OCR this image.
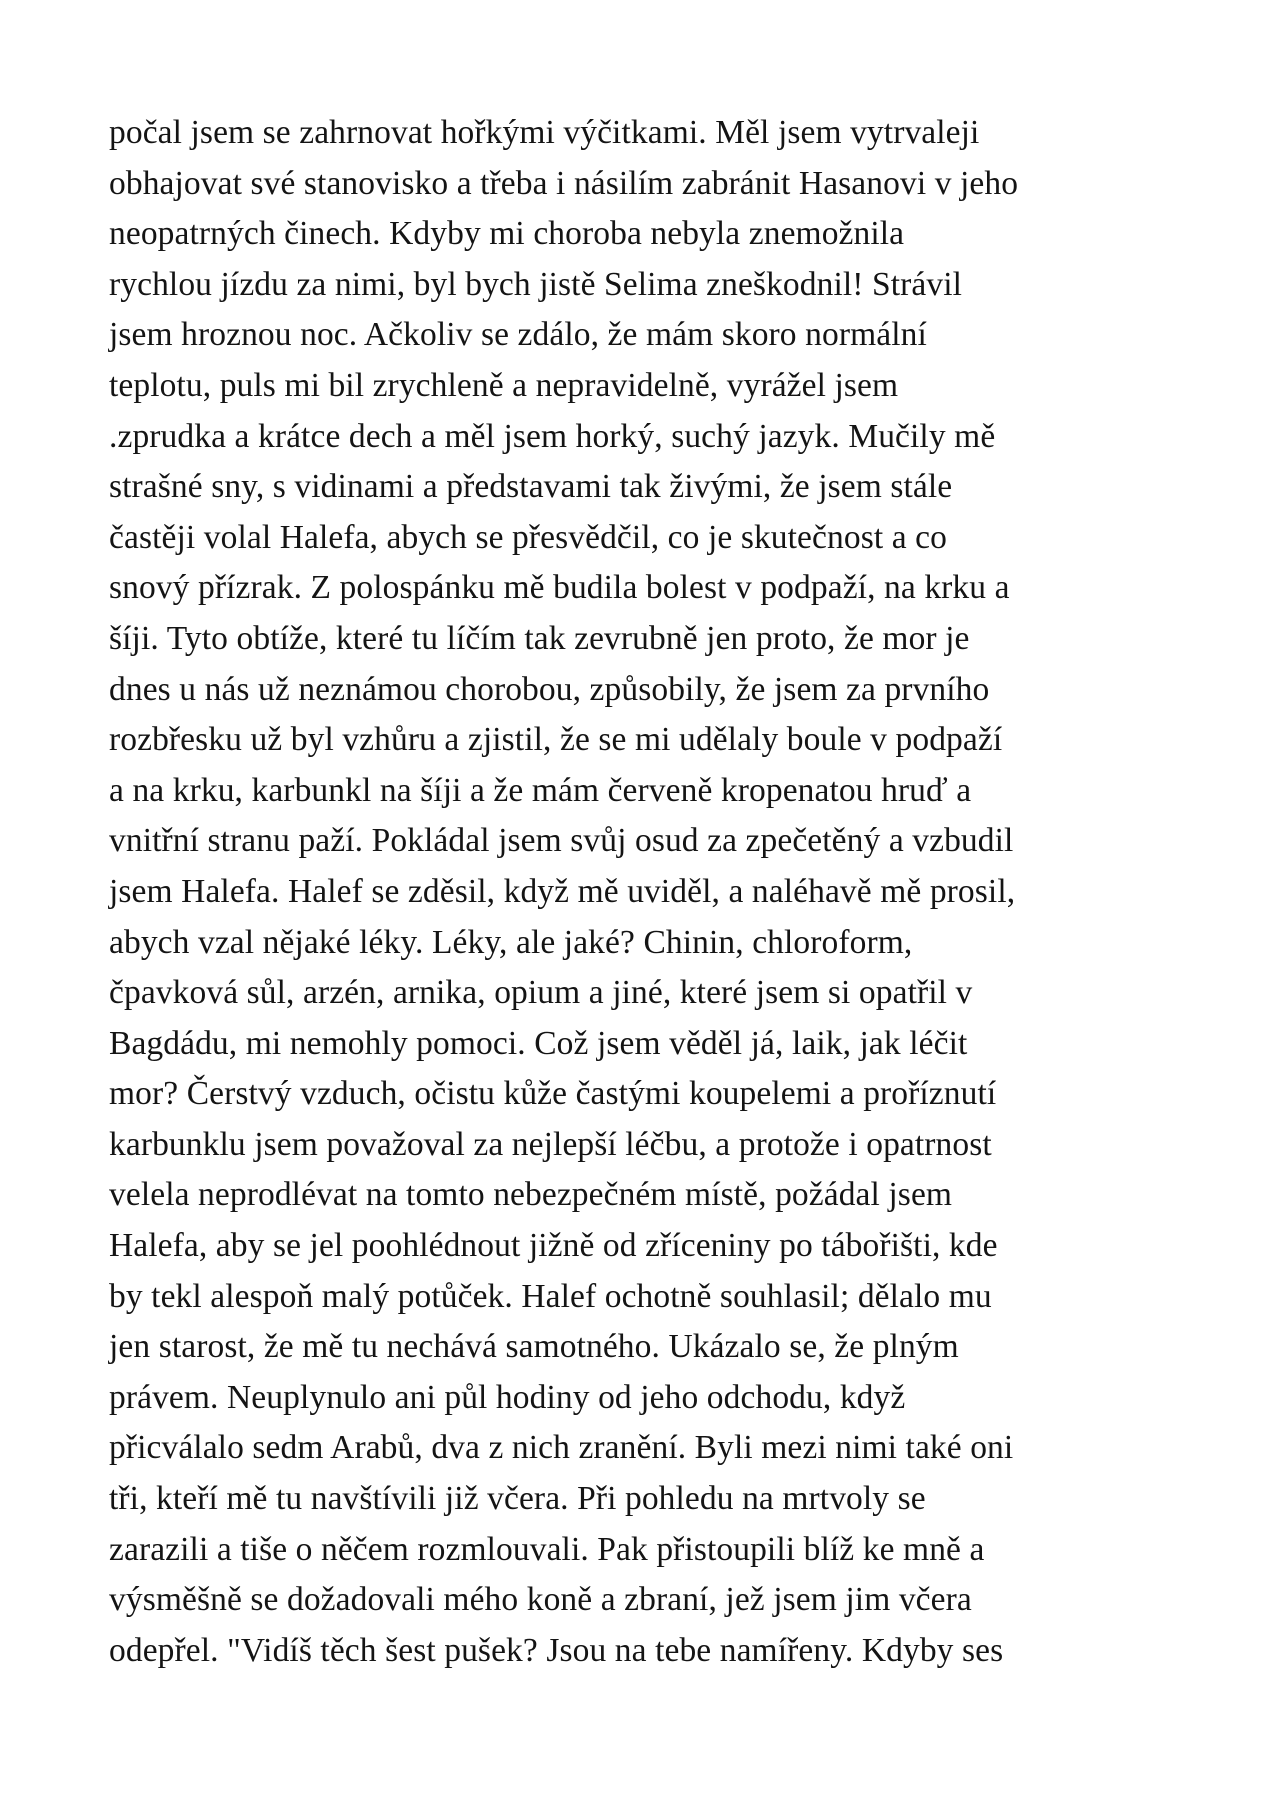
počal jsem se zahrnovat hořkými výčitkami. Měl jsem vytrvaleji
obhajovat své stanovisko a třeba i násilím zabránit Hasanovi v jeho
neopatrných činech. Kdyby mi choroba nebyla znemožnila
rychlou jízdu za nimi, byl bych jistě Selima zneškodnil! Strávil
jsem hroznou noc. Ačkoliv se zdálo, že mám skoro normální
teplotu, puls mi bil zrychleně a nepravidelně, vyrážel jsem
.zprudka a krátce dech a měl jsem horký, suchý jazyk. Mučily mě
strašné sny, s vidinami a představami tak živými, že jsem stále
častěji volal Halefa, abych se přesvědčil, co je skutečnost a co
snový přízrak. Z polospánku mě budila bolest v podpaží, na krku a
šíji. Tyto obtíže, které tu líčím tak zevrubně jen proto, že mor je
dnes u nás už neznámou chorobou, způsobily, že jsem za prvního
rozbřesku už byl vzhůru a zjistil, že se mi udělaly boule v podpaží
a na krku, karbunkl na šíji a že mám červeně kropenatou hruď a
vnitřní stranu paží. Pokládal jsem svůj osud za zpečetěný a vzbudil
jsem Halefa. Halef se zděsil, když mě uviděl, a naléhavě mě prosil,
abych vzal nějaké léky. Léky, ale jaké? Chinin, chloroform,
čpavková sůl, arzén, arnika, opium a jiné, které jsem si opatřil v
Bagdádu, mi nemohly pomoci. Což jsem věděl já, laik, jak léčit
mor? Čerstvý vzduch, očistu kůže častými koupelemi a proříznutí
karbunklu jsem považoval za nejlepší léčbu, a protože i opatrnost
velela neprodlévat na tomto nebezpečném místě, požádal jsem
Halefa, aby se jel poohlédnout jižně od zříceniny po tábořišti, kde
by tekl alespoň malý potůček. Halef ochotně souhlasil; dělalo mu
jen starost, že mě tu nechává samotného. Ukázalo se, že plným
právem. Neuplynulo ani půl hodiny od jeho odchodu, když
přicválalo sedm Arabů, dva z nich zranění. Byli mezi nimi také oni
tři, kteří mě tu navštívili již včera. Při pohledu na mrtvoly se
zarazili a tiše o něčem rozmlouvali. Pak přistoupili blíž ke mně a
výsměšně se dožadovali mého koně a zbraní, jež jsem jim včera
odepřel. "Vidíš těch šest pušek? Jsou na tebe namířeny. Kdyby ses
